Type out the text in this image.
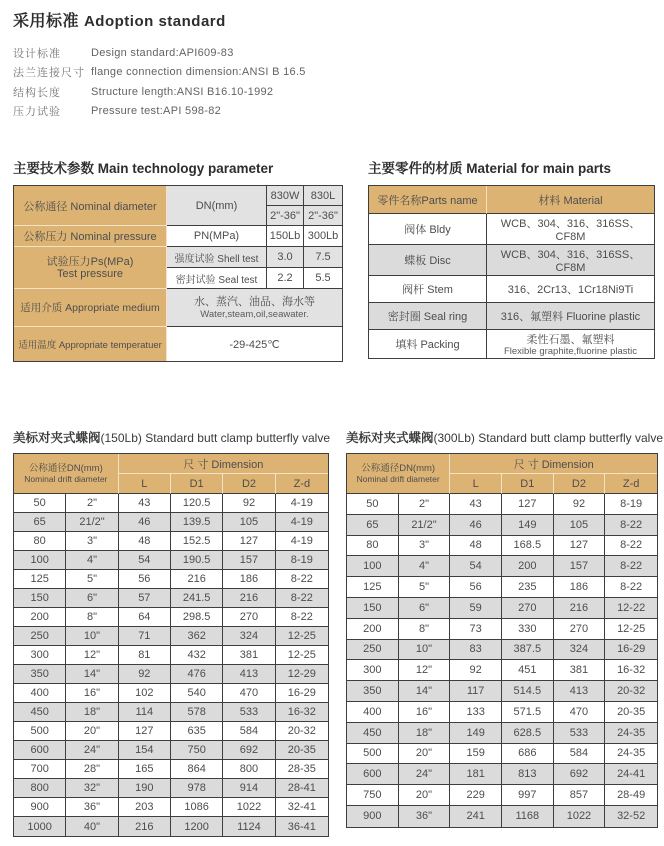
采用标准 Adoption standard
设计标准	Design standard:API609-83
法兰连接尺寸 flange connection dimension:ANSI B 16.5
结构长度	Structure length:ANSI B16.10-1992
压力试验	Pressure test:API 598-82
主要技术参数 Main technology parameter
公称通径 Nominal diameter	DN(mm)	830W	830L
		2"-36"	2"-36"
公称压力 Nominal pressure	PN(MPa)	150Lb	300Lb
试验压力Ps(MPa)
Test pressure	强度试验 Shell test	3.0	7.5
	密封试验 Seal test	2.2	5.5
适用介质 Appropriate medium	水、蒸汽、油品、海水等
Water,steam,oil,seawater.		
适用温度 Appropriate temperatuer	-29-425℃		
主要零件的材质 Material for main parts
零件名称Parts name	材料 Material
阀体 Bldy	WCB、304、316、316SS、CF8M

蝶板 Disc	WCB、304、316、316SS、CF8M

阀杆 Stem	316、2Cr13、1Cr18Ni9Ti

密封圈 Seal ring	316、氟塑料 Fluorine plastic

填料 Packing	柔性石墨、氟塑料
Flexible graphite,fluorine plastic
美标对夹式蝶阀(150Lb) Standard butt clamp butterfly valve
公称通径DN(mm)
Nominal drift diameter		尺 寸 Dimension			
		L	D1	D2	Z-d
50	2"	43	120.5	92	4-19
65	21/2"	46	139.5	105	4-19
80	3"	48	152.5	127	4-19
100	4"	54	190.5	157	8-19
125	5"	56	216	186	8-22
150	6"	57	241.5	216	8-22
200	8"	64	298.5	270	8-22
250	10"	71	362	324	12-25
300	12"	81	432	381	12-25
350	14"	92	476	413	12-29
400	16"	102	540	470	16-29
450	18"	114	578	533	16-32
500	20"	127	635	584	20-32
600	24"	154	750	692	20-35
700	28"	165	864	800	28-35
800	32"	190	978	914	28-41
900	36"	203	1086	1022	32-41
1000	40"	216	1200	1124	36-41
美标对夹式蝶阀(300Lb) Standard butt clamp butterfly valve
公称通径DN(mm)
Nominal drift diameter		尺 寸 Dimension			
		L	D1	D2	Z-d
50	2"	43	127	92	8-19
65	21/2"	46	149	105	8-22
80	3"	48	168.5	127	8-22
100	4"	54	200	157	8-22
125	5"	56	235	186	8-22
150	6"	59	270	216	12-22
200	8"	73	330	270	12-25
250	10"	83	387.5	324	16-29
300	12"	92	451	381	16-32
350	14"	117	514.5	413	20-32
400	16"	133	571.5	470	20-35
450	18"	149	628.5	533	24-35
500	20"	159	686	584	24-35
600	24"	181	813	692	24-41
750	20"	229	997	857	28-49
900	36"	241	1168	1022	32-52
